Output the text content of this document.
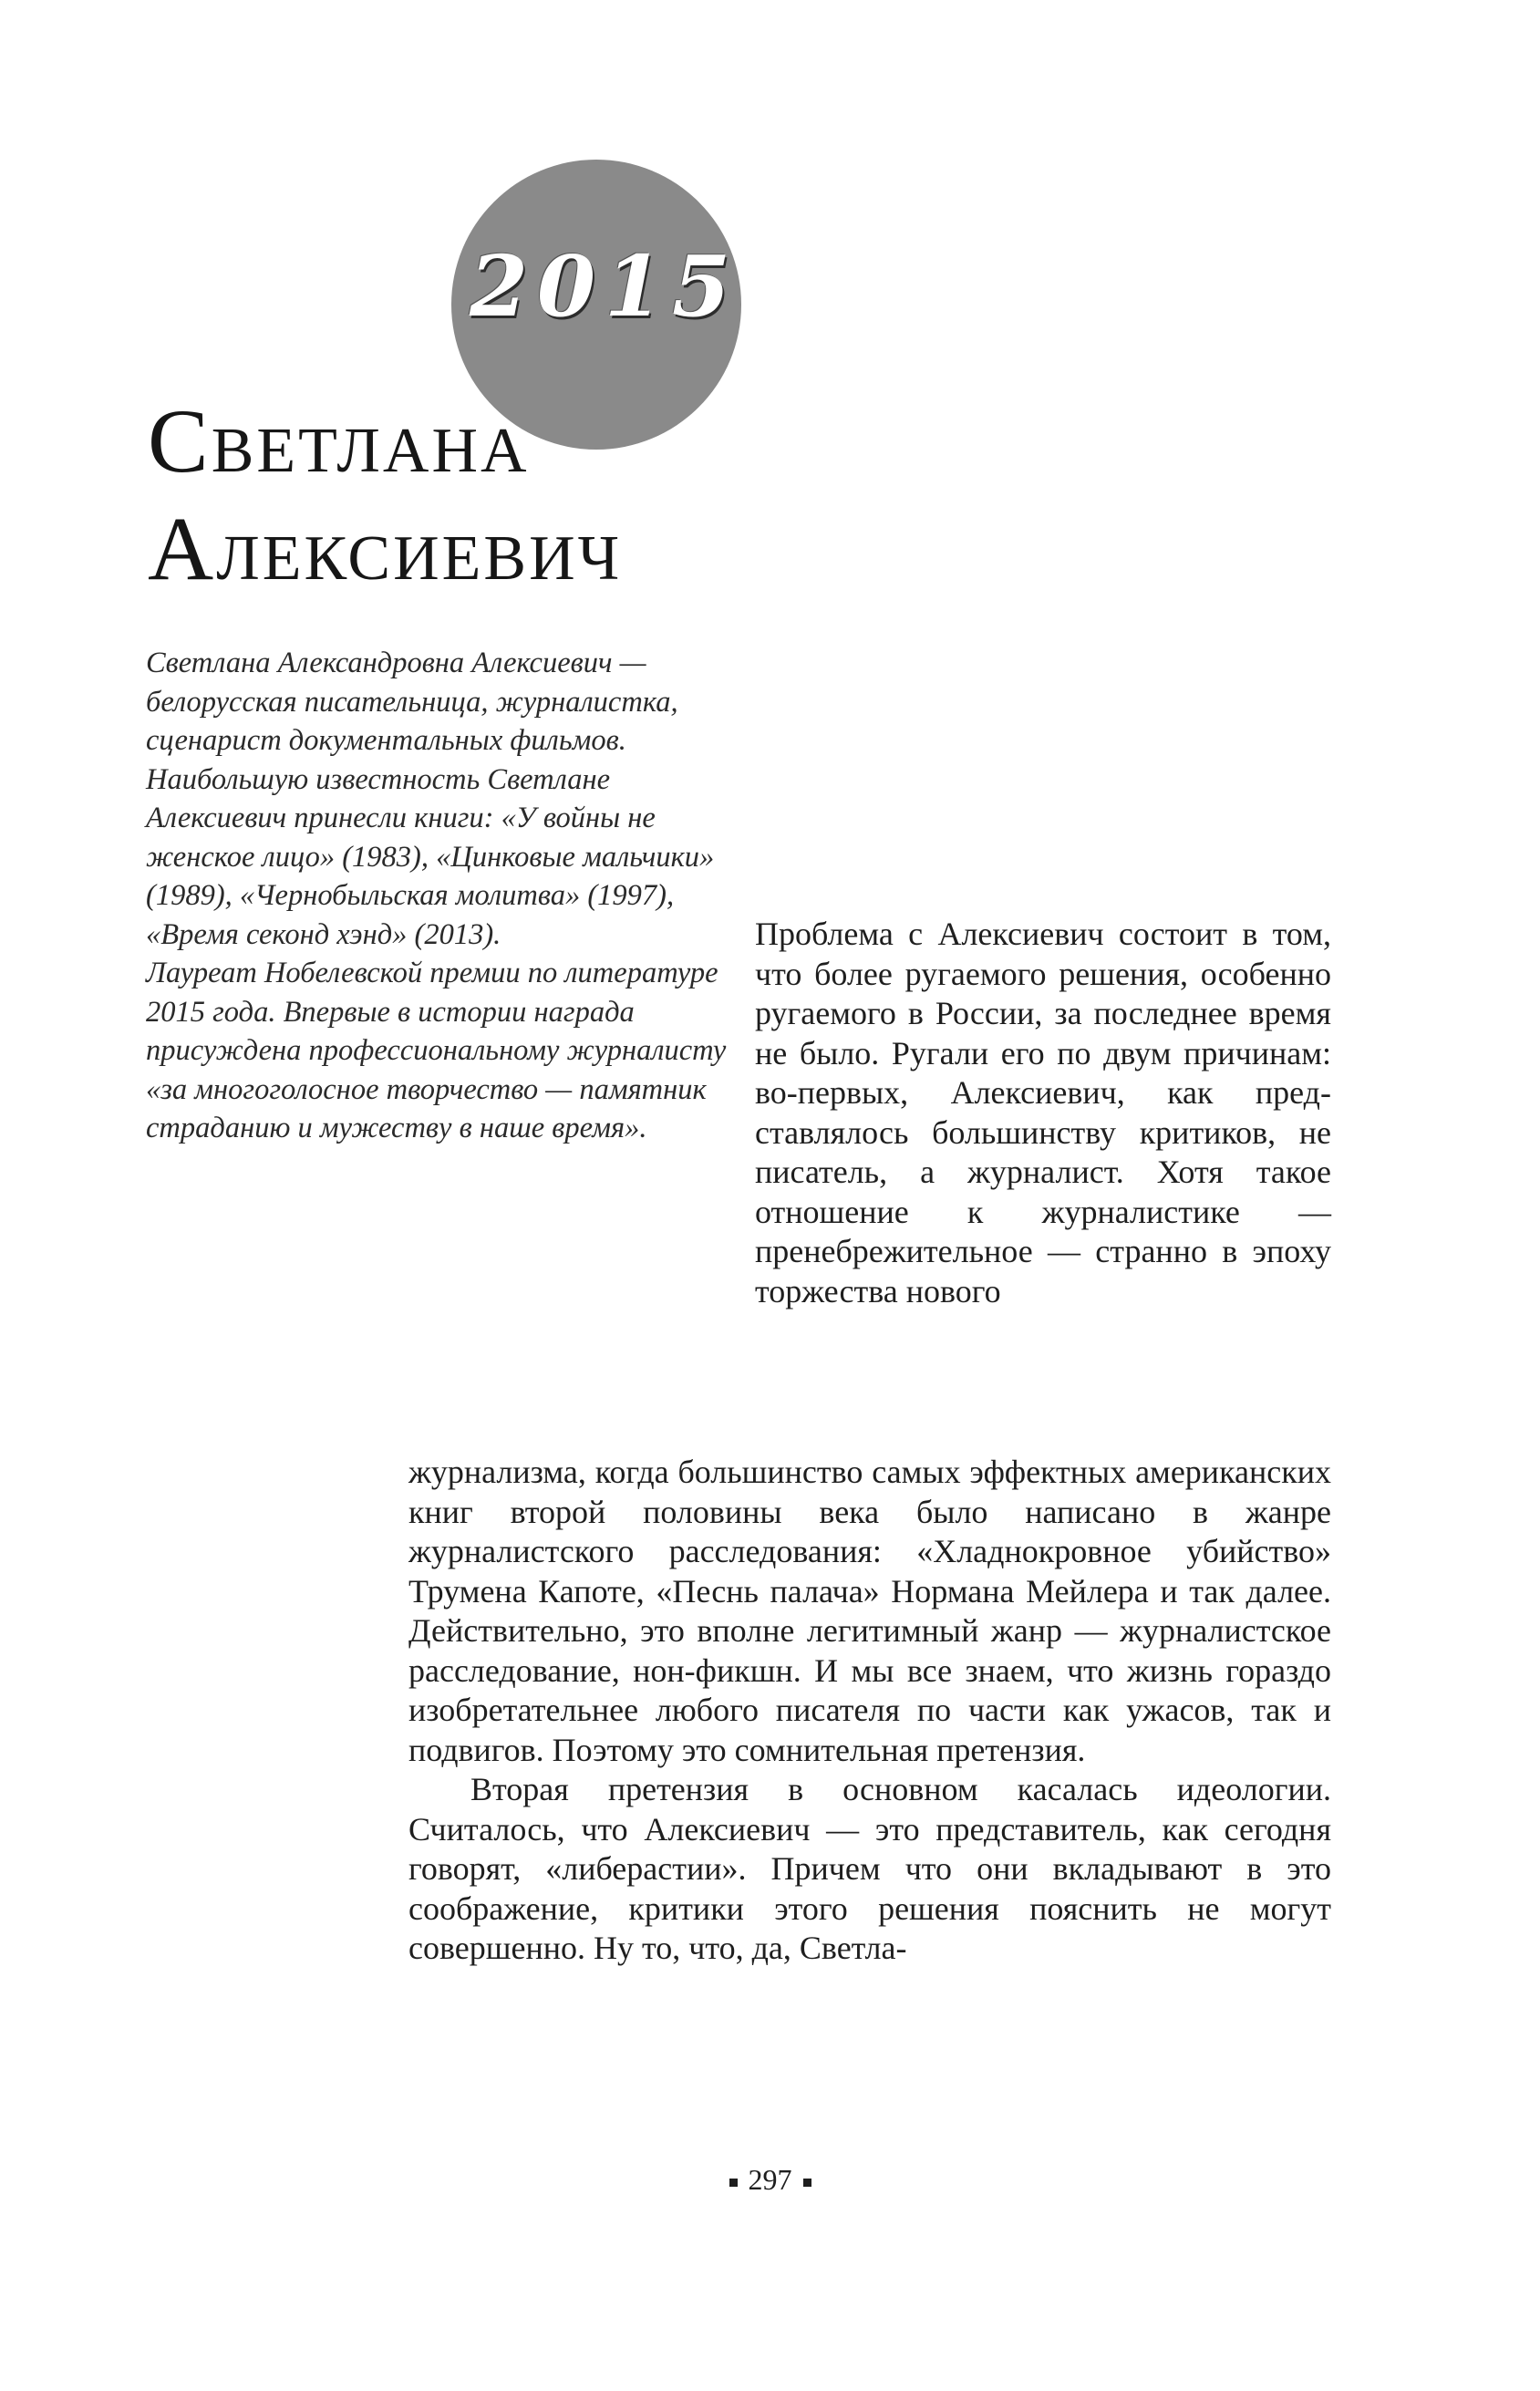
2015
Светлана
Алексиевич

Светлана Александровна Алексиевич — белорусская писательница, журналистка, сценарист документальных фильмов. Наибольшую известность Светлане Алексиевич принесли книги: «У войны не женское лицо» (1983), «Цинковые мальчики» (1989), «Чернобыльская молитва» (1997), «Время секонд хэнд» (2013).

Лауреат Нобелевской премии по литературе 2015 года. Впервые в истории награда присуждена профессиональному журналисту «за многоголосное творчество — памятник страданию и мужеству в наше время».

Проблема с Алексиевич состоит в том, что более ругаемого решения, особенно ругаемого в России, за последнее время не было. Ругали его по двум причинам: во-первых, Алексиевич, как представлялось большинству критиков, не писатель, а журналист. Хотя такое отношение к журналистике — пренебрежительное — странно в эпоху торжества нового

журнализма, когда большинство самых эффектных американских книг второй половины века было написано в жанре журналистского расследования: «Хладнокровное убийство» Трумена Капоте, «Песнь палача» Нормана Мейлера и так далее. Действительно, это вполне легитимный жанр — журналистское расследование, нон-фикшн. И мы все знаем, что жизнь гораздо изобретательнее любого писателя по части как ужасов, так и подвигов. Поэтому это сомнительная претензия.

Вторая претензия в основном касалась идеологии. Считалось, что Алексиевич — это представитель, как сегодня говорят, «либерастии». Причем что они вкладывают в это соображение, критики этого решения пояснить не могут совершенно. Ну то, что, да, Светла-

297
